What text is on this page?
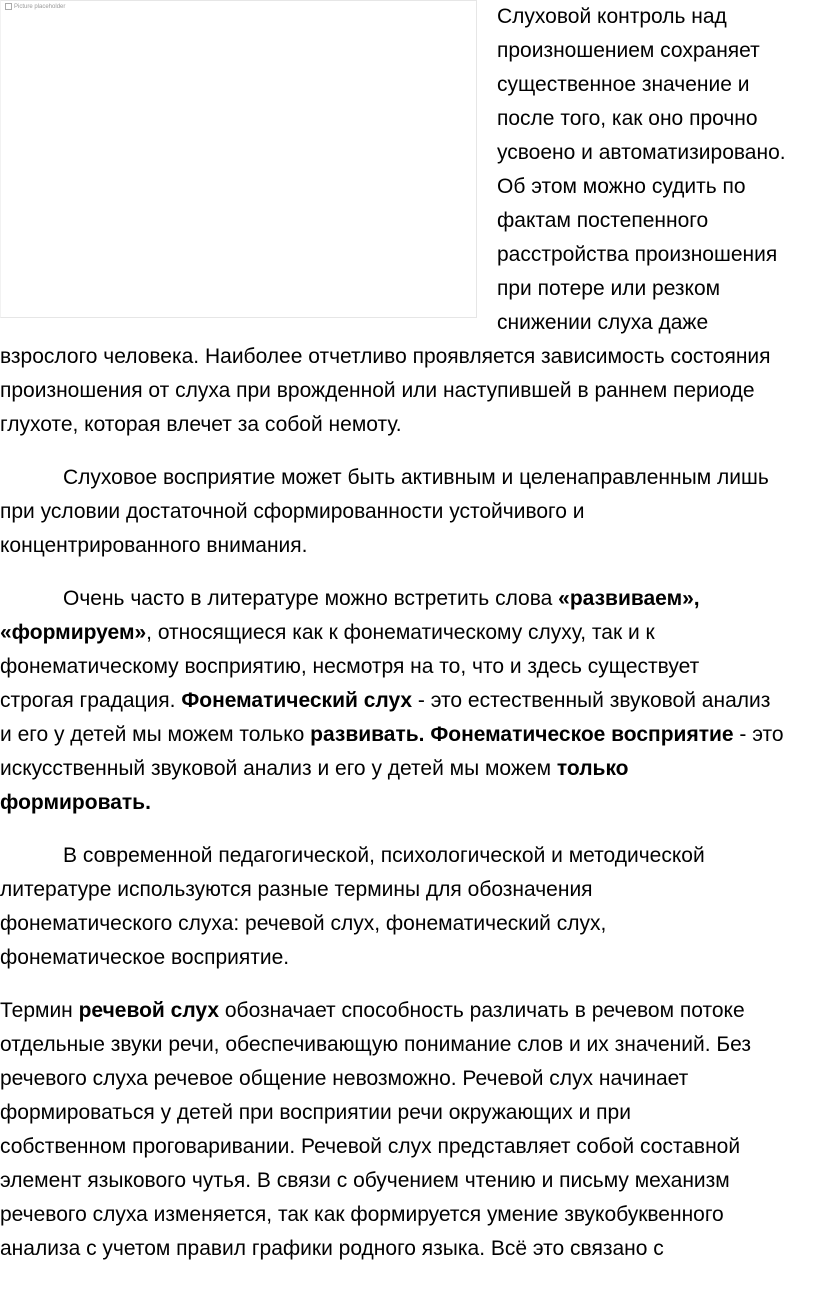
Picture placeholder	Слуховой контроль над
произношением сохраняет
существенное значение и
после того, как оно прочно
усвоено и автоматизировано.
Об этом можно судить по
фактам постепенного
расстройства произношения
при потере или резком
снижении слуха даже
взрослого человека. Наиболее отчетливо проявляется зависимость состояния
произношения от слуха при врожденной или наступившей в раннем периоде
глухоте, которая влечет за собой немоту.
Слуховое восприятие может быть активным и целенаправленным лишь
при условии достаточной сформированности устойчивого и
концентрированного внимания.
Очень часто в литературе можно встретить слова «развиваем»,
«формируем», относящиеся как к фонематическому слуху, так и к
фонематическому восприятию, несмотря на то, что и здесь существует
строгая градация. Фонематический слух - это естественный звуковой анализ
и его у детей мы можем только развивать. Фонематическое восприятие - это
искусственный звуковой анализ и его у детей мы можем только
формировать.
В современной педагогической, психологической и методической
литературе используются разные термины для обозначения
фонематического слуха: речевой слух, фонематический слух,
фонематическое восприятие.
Термин речевой слух обозначает способность различать в речевом потоке
отдельные звуки речи, обеспечивающую понимание слов и их значений. Без
речевого слуха речевое общение невозможно. Речевой слух начинает
формироваться у детей при восприятии речи окружающих и при
собственном проговаривании. Речевой слух представляет собой составной
элемент языкового чутья. В связи с обучением чтению и письму механизм
речевого слуха изменяется, так как формируется умение звукобуквенного
анализа с учетом правил графики родного языка. Всё это связано с
